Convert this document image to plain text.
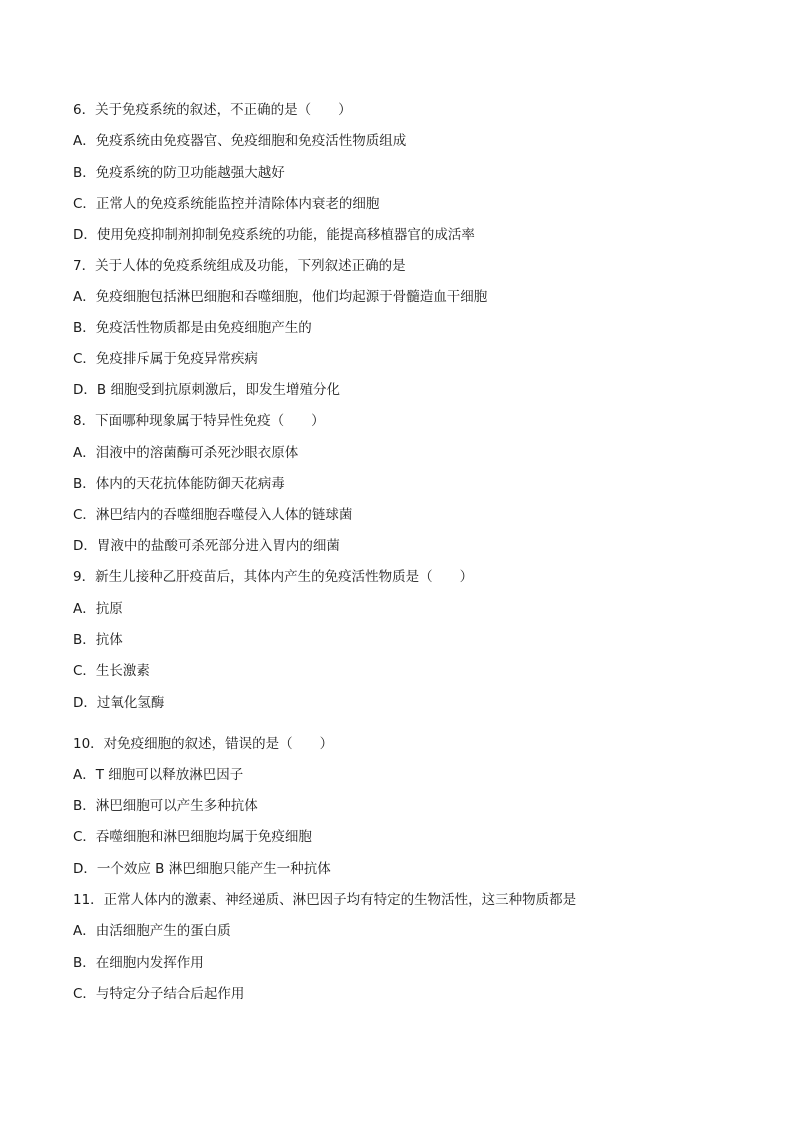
6．关于免疫系统的叙述，不正确的是（　　）
A．免疫系统由免疫器官、免疫细胞和免疫活性物质组成
B．免疫系统的防卫功能越强大越好
C．正常人的免疫系统能监控并清除体内衰老的细胞
D．使用免疫抑制剂抑制免疫系统的功能，能提高移植器官的成活率
7．关于人体的免疫系统组成及功能，下列叙述正确的是
A．免疫细胞包括淋巴细胞和吞噬细胞，他们均起源于骨髓造血干细胞
B．免疫活性物质都是由免疫细胞产生的
C．免疫排斥属于免疫异常疾病
D．B 细胞受到抗原刺激后，即发生增殖分化
8．下面哪种现象属于特异性免疫（　　）
A．泪液中的溶菌酶可杀死沙眼衣原体
B．体内的天花抗体能防御天花病毒
C．淋巴结内的吞噬细胞吞噬侵入人体的链球菌
D．胃液中的盐酸可杀死部分进入胃内的细菌
9．新生儿接种乙肝疫苗后，其体内产生的免疫活性物质是（　　）
A．抗原
B．抗体
C．生长激素
D．过氧化氢酶
10．对免疫细胞的叙述，错误的是（　　）
A．T 细胞可以释放淋巴因子
B．淋巴细胞可以产生多种抗体
C．吞噬细胞和淋巴细胞均属于免疫细胞
D．一个效应 B 淋巴细胞只能产生一种抗体
11．正常人体内的激素、神经递质、淋巴因子均有特定的生物活性，这三种物质都是
A．由活细胞产生的蛋白质
B．在细胞内发挥作用
C．与特定分子结合后起作用
